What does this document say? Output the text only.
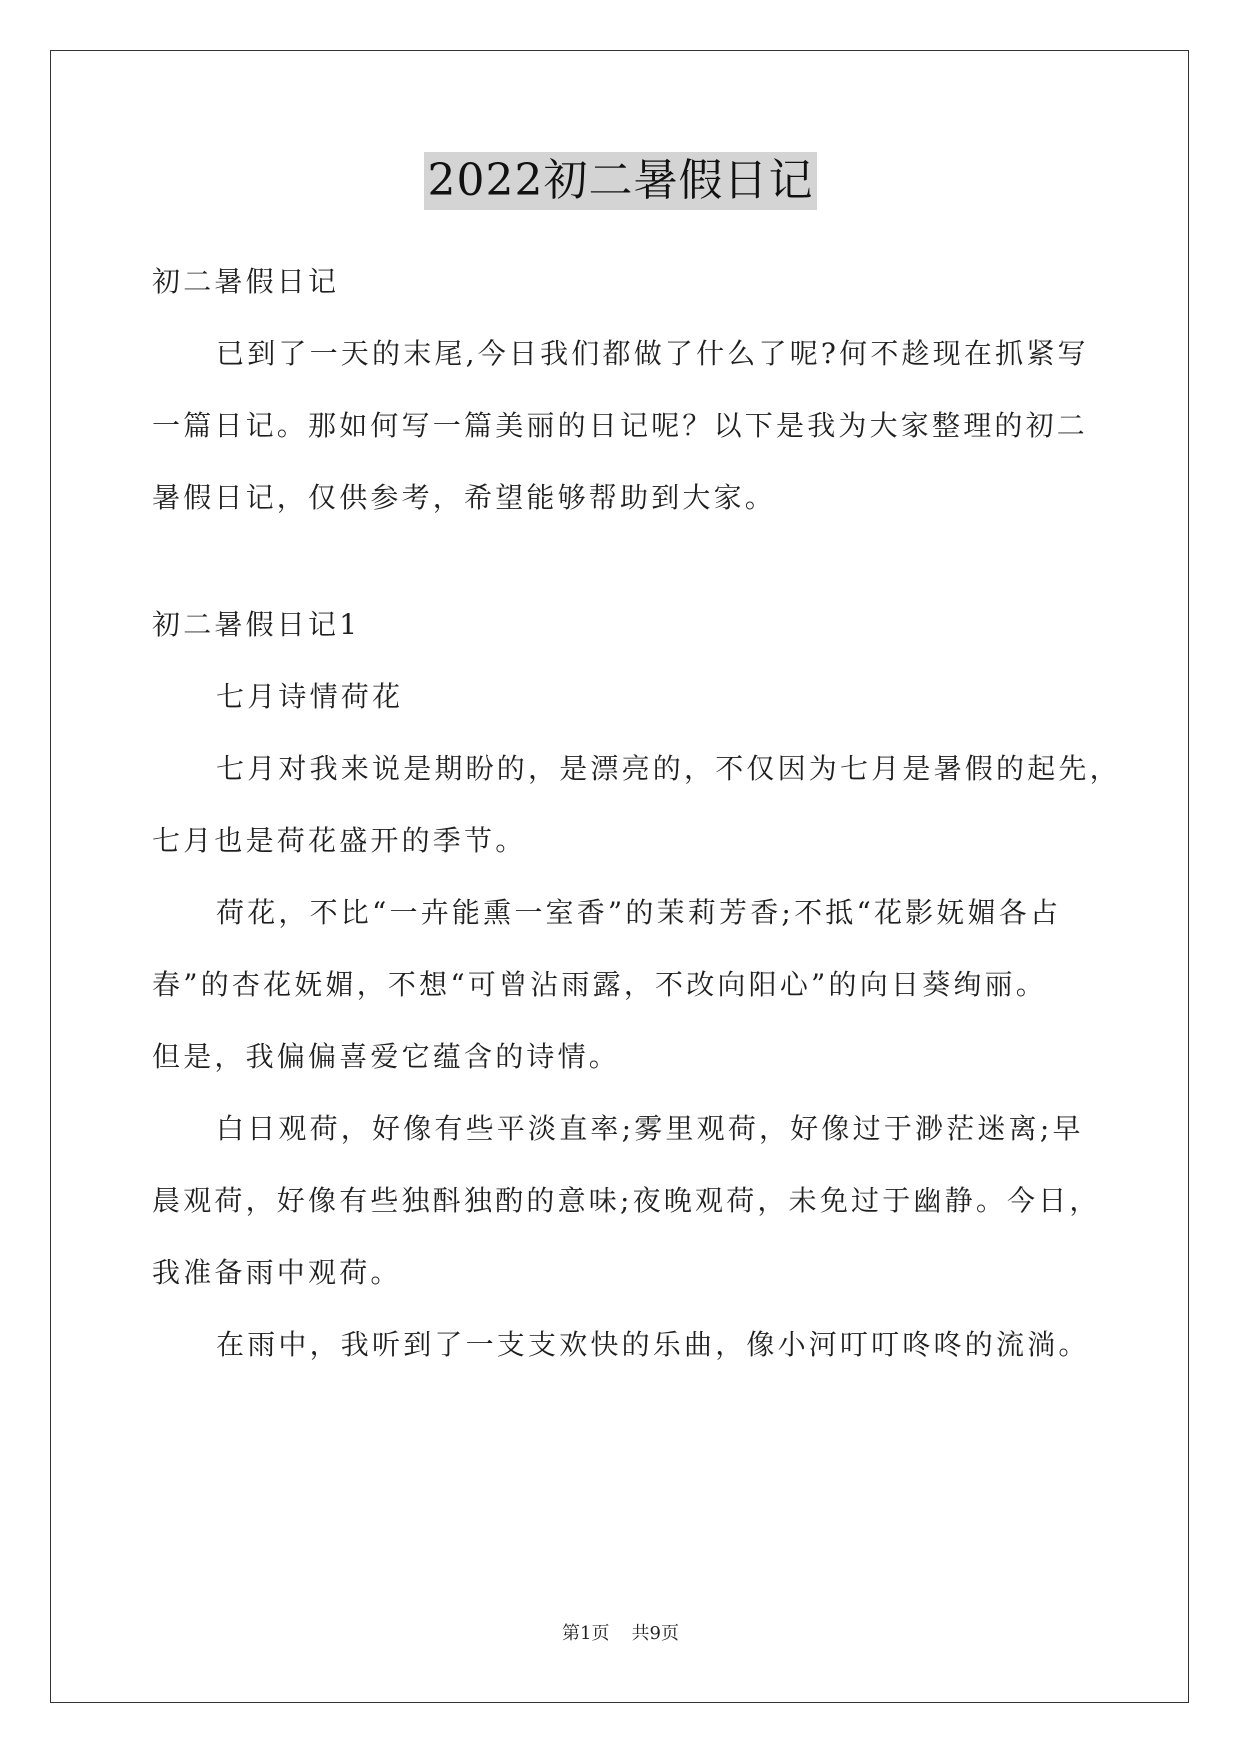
2022初二暑假日记
初二暑假日记
已到了一天的末尾,今日我们都做了什么了呢?何不趁现在抓紧写
一篇日记。那如何写一篇美丽的日记呢？以下是我为大家整理的初二
暑假日记，仅供参考，希望能够帮助到大家。
初二暑假日记1
七月诗情荷花
七月对我来说是期盼的，是漂亮的，不仅因为七月是暑假的起先，
七月也是荷花盛开的季节。
荷花，不比“一卉能熏一室香”的茉莉芳香;不抵“花影妩媚各占
春”的杏花妩媚，不想“可曾沾雨露，不改向阳心”的向日葵绚丽。
但是，我偏偏喜爱它蕴含的诗情。
白日观荷，好像有些平淡直率;雾里观荷，好像过于渺茫迷离;早
晨观荷，好像有些独酙独酌的意味;夜晚观荷，未免过于幽静。今日，
我准备雨中观荷。
在雨中，我听到了一支支欢快的乐曲，像小河叮叮咚咚的流淌。
第1页 共9页
